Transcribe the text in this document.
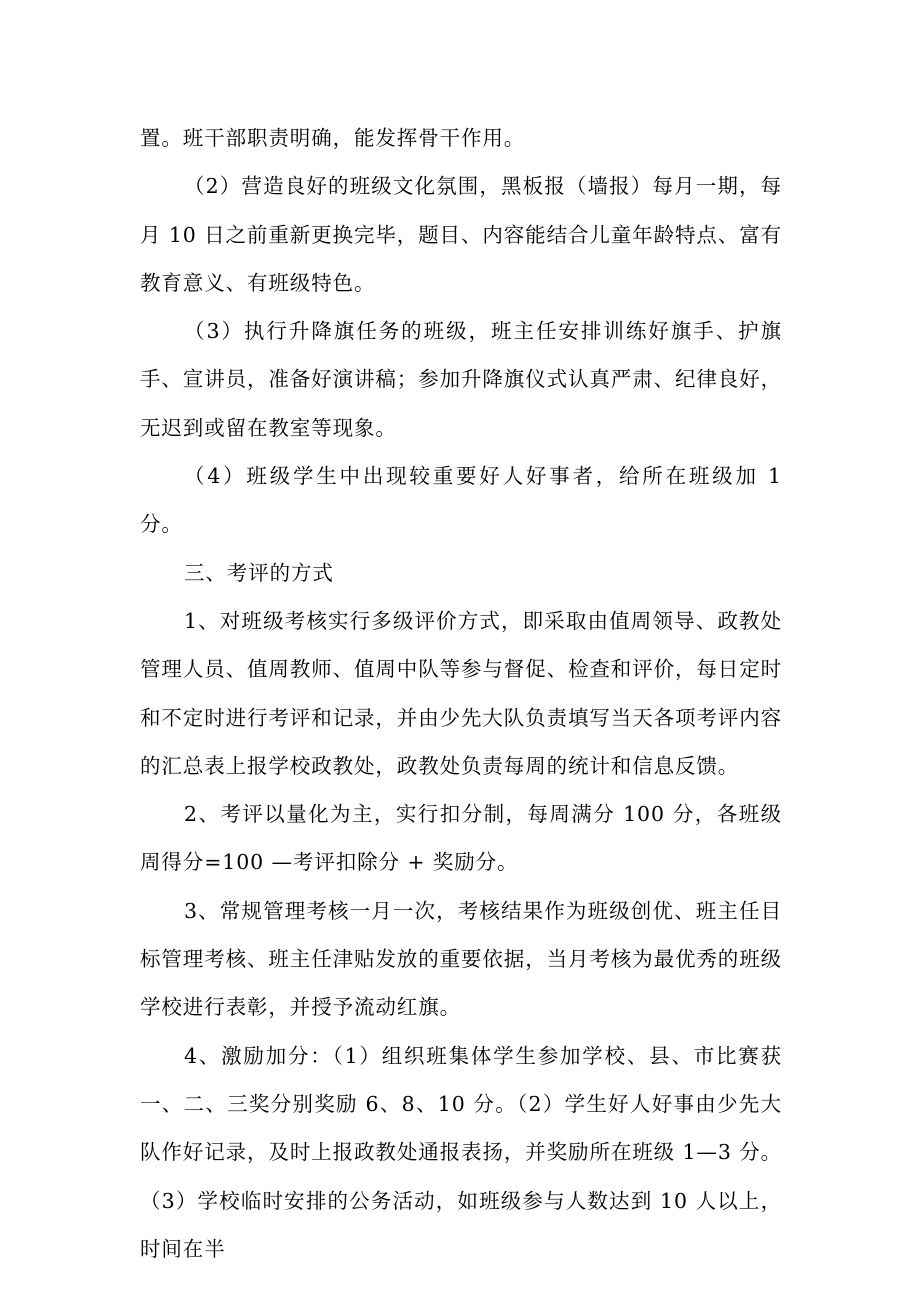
置。班干部职责明确，能发挥骨干作用。

（2）营造良好的班级文化氛围，黑板报（墙报）每月一期，每月 10 日之前重新更换完毕，题目、内容能结合儿童年龄特点、富有教育意义、有班级特色。

（3）执行升降旗任务的班级，班主任安排训练好旗手、护旗手、宣讲员，准备好演讲稿；参加升降旗仪式认真严肃、纪律良好，无迟到或留在教室等现象。

（4）班级学生中出现较重要好人好事者，给所在班级加 1 分。

三、考评的方式

1、对班级考核实行多级评价方式，即采取由值周领导、政教处管理人员、值周教师、值周中队等参与督促、检查和评价，每日定时和不定时进行考评和记录，并由少先大队负责填写当天各项考评内容的汇总表上报学校政教处，政教处负责每周的统计和信息反馈。

2、考评以量化为主，实行扣分制，每周满分 100 分，各班级周得分=100 —考评扣除分 + 奖励分。

3、常规管理考核一月一次，考核结果作为班级创优、班主任目标管理考核、班主任津贴发放的重要依据，当月考核为最优秀的班级学校进行表彰，并授予流动红旗。

4、激励加分：（1）组织班集体学生参加学校、县、市比赛获一、二、三奖分别奖励 6、8、10 分。（2）学生好人好事由少先大队作好记录，及时上报政教处通报表扬，并奖励所在班级 1—3 分。（3）学校临时安排的公务活动，如班级参与人数达到 10 人以上，时间在半
